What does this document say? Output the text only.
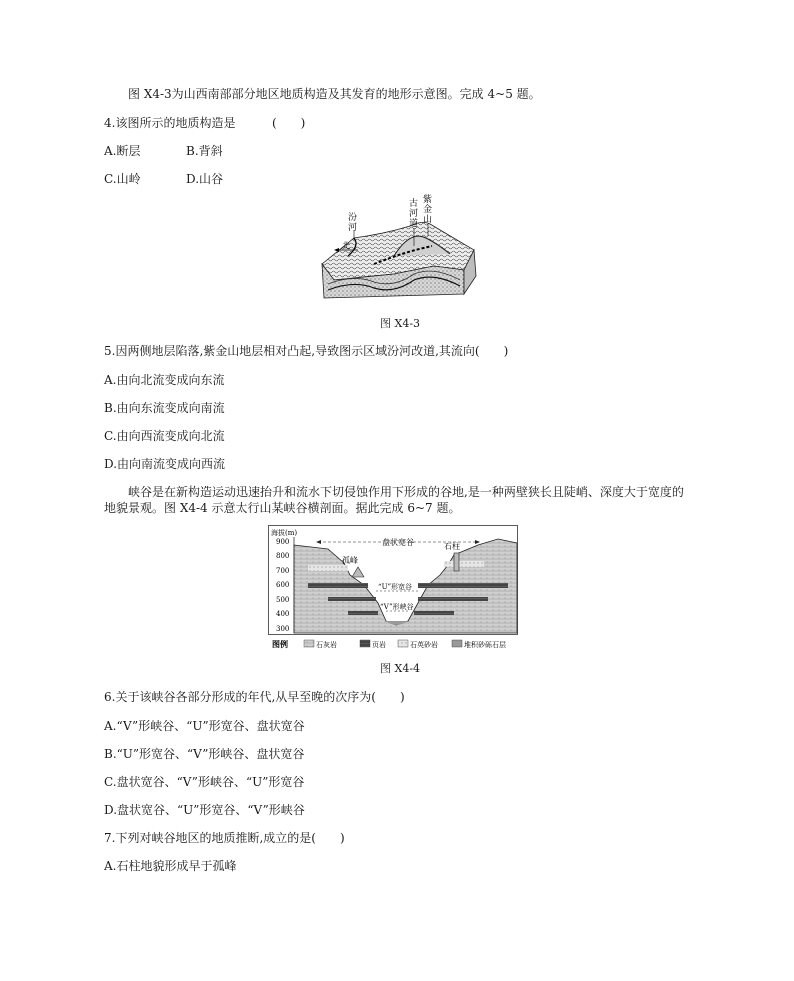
图 X4-3为山西南部部分地区地质构造及其发育的地形示意图。完成 4~5 题。
4.该图所示的地质构造是	(　　)
A.断层	B.背斜
C.山岭	D.山谷
汾
河
古
河
道
紫
金
山
北
图 X4-3
5.因两侧地层陷落,紫金山地层相对凸起,导致图示区域汾河改道,其流向(　　)
A.由向北流变成向东流
B.由向东流变成向南流
C.由向西流变成向北流
D.由向南流变成向西流
峡谷是在新构造运动迅速抬升和流水下切侵蚀作用下形成的谷地,是一种两壁狭长且陡峭、深度大于宽度的
地貌景观。图 X4-4 示意太行山某峡谷横剖面。据此完成 6~7 题。
海拔(m)
900
800
700
600
500
400
300
盘状宽谷	石柱
孤峰
“U”形宽谷
“V”形峡谷
图例	石灰岩	页岩	石英砂岩	堆积砂砾石层
图 X4-4
6.关于该峡谷各部分形成的年代,从早至晚的次序为(　　)
A.“V”形峡谷、“U”形宽谷、盘状宽谷
B.“U”形宽谷、“V”形峡谷、盘状宽谷
C.盘状宽谷、“V”形峡谷、“U”形宽谷
D.盘状宽谷、“U”形宽谷、“V”形峡谷
7.下列对峡谷地区的地质推断,成立的是(　　)
A.石柱地貌形成早于孤峰
